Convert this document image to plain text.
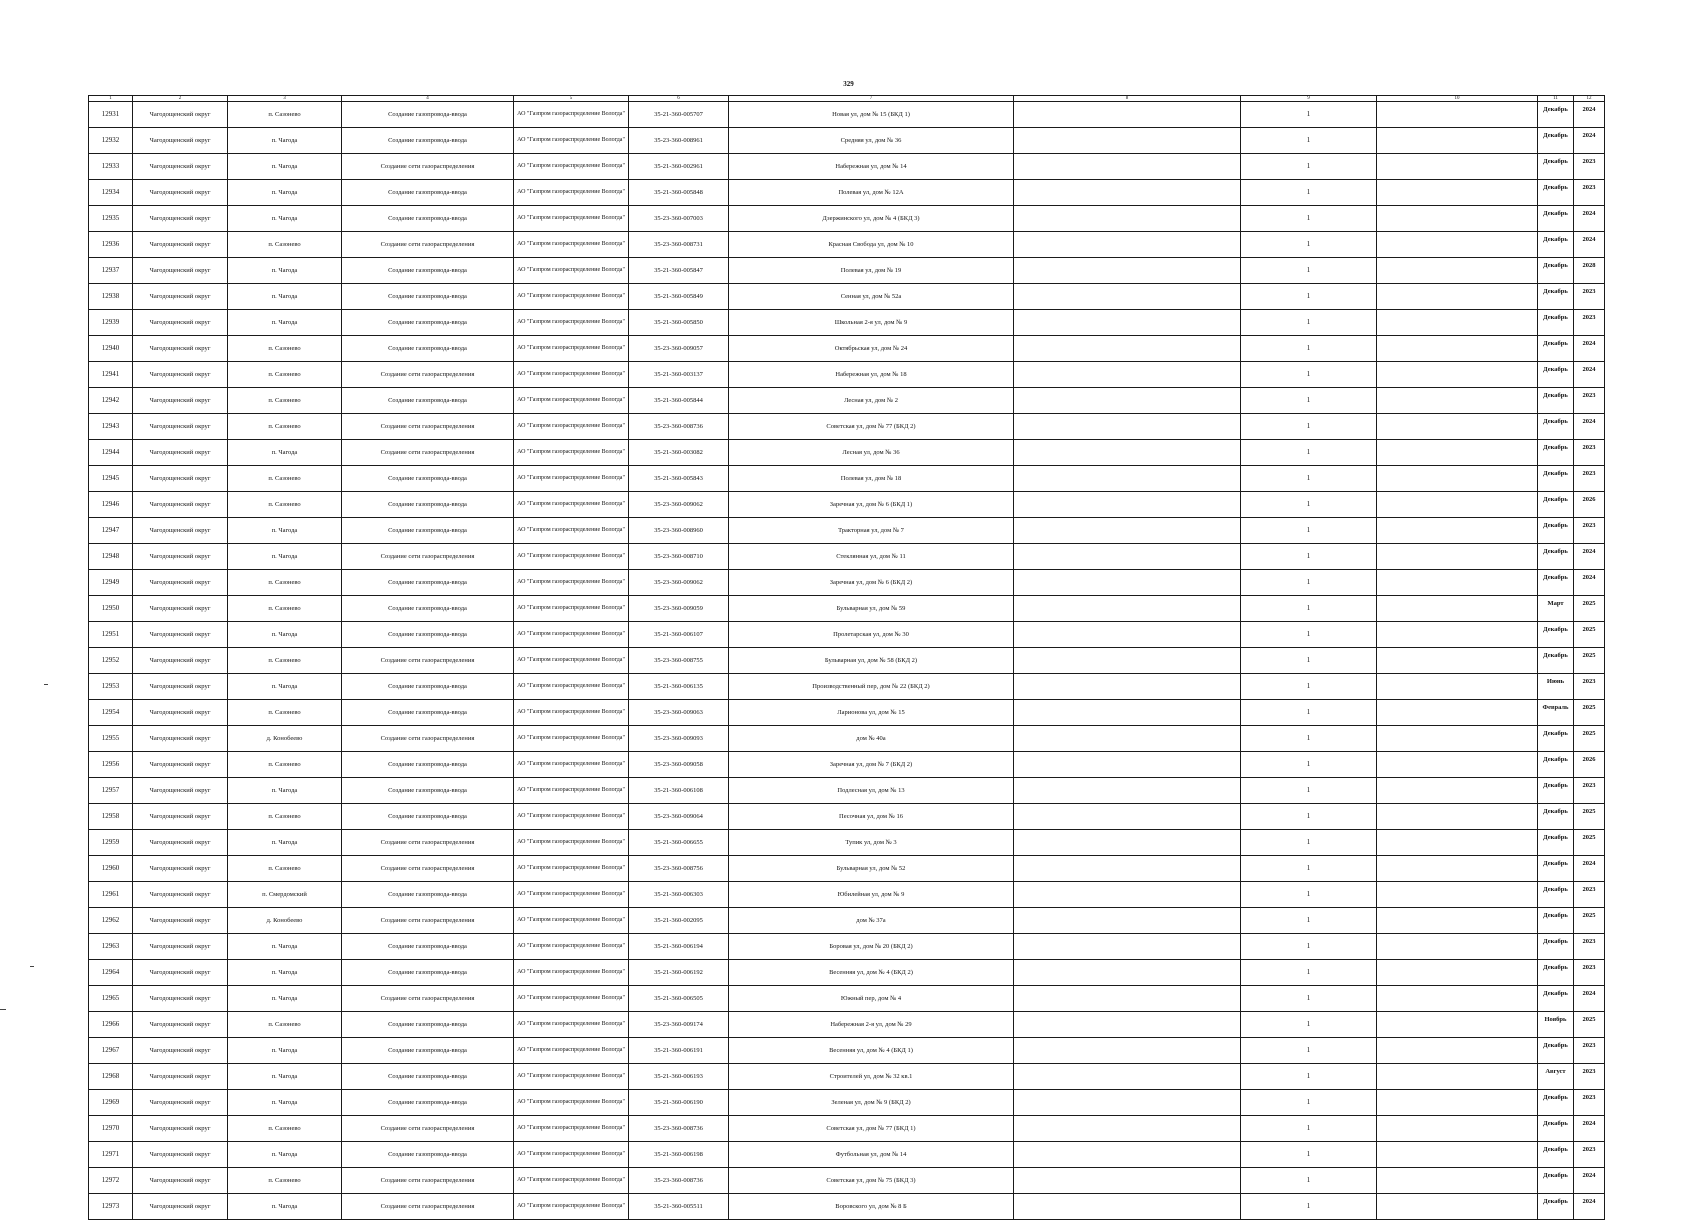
329
1	2	3	4	5	6	7	8	9	10	11	12
12931	Чагодощенский округ	п. Сазонево	Создание газопровода-ввода	АО "Газпром газораспределение Вологда"	35-21-360-005707	Новая ул, дом № 15 (БКД 1)		1		Декабрь	2024
12932	Чагодощенский округ	п. Чагода	Создание газопровода-ввода	АО "Газпром газораспределение Вологда"	35-23-360-008961	Средняя ул, дом № 36		1		Декабрь	2024
12933	Чагодощенский округ	п. Чагода	Создание сети газораспределения	АО "Газпром газораспределение Вологда"	35-21-360-002961	Набережная ул, дом № 14		1		Декабрь	2023
12934	Чагодощенский округ	п. Чагода	Создание газопровода-ввода	АО "Газпром газораспределение Вологда"	35-21-360-005848	Полевая ул, дом № 12А		1		Декабрь	2023
12935	Чагодощенский округ	п. Чагода	Создание газопровода-ввода	АО "Газпром газораспределение Вологда"	35-23-360-007003	Дзержинского ул, дом № 4 (БКД 3)		1		Декабрь	2024
12936	Чагодощенский округ	п. Сазонево	Создание сети газораспределения	АО "Газпром газораспределение Вологда"	35-23-360-008731	Красная Свобода ул, дом № 10		1		Декабрь	2024
12937	Чагодощенский округ	п. Чагода	Создание газопровода-ввода	АО "Газпром газораспределение Вологда"	35-21-360-005847	Полевая ул, дом № 19		1		Декабрь	2028
12938	Чагодощенский округ	п. Чагода	Создание газопровода-ввода	АО "Газпром газораспределение Вологда"	35-21-360-005849	Сенная ул, дом № 52а		1		Декабрь	2023
12939	Чагодощенский округ	п. Чагода	Создание газопровода-ввода	АО "Газпром газораспределение Вологда"	35-21-360-005850	Школьная 2-я ул, дом № 9		1		Декабрь	2023
12940	Чагодощенский округ	п. Сазонево	Создание газопровода-ввода	АО "Газпром газораспределение Вологда"	35-23-360-009057	Октябрьская ул, дом № 24		1		Декабрь	2024
12941	Чагодощенский округ	п. Сазонево	Создание сети газораспределения	АО "Газпром газораспределение Вологда"	35-21-360-003137	Набережная ул, дом № 18		1		Декабрь	2024
12942	Чагодощенский округ	п. Сазонево	Создание газопровода-ввода	АО "Газпром газораспределение Вологда"	35-21-360-005844	Лесная ул, дом № 2		1		Декабрь	2023
12943	Чагодощенский округ	п. Сазонево	Создание сети газораспределения	АО "Газпром газораспределение Вологда"	35-23-360-008736	Советская ул, дом № 77 (БКД 2)		1		Декабрь	2024
12944	Чагодощенский округ	п. Чагода	Создание сети газораспределения	АО "Газпром газораспределение Вологда"	35-21-360-003082	Лесная ул, дом № 36		1		Декабрь	2023
12945	Чагодощенский округ	п. Сазонево	Создание газопровода-ввода	АО "Газпром газораспределение Вологда"	35-21-360-005843	Полевая ул, дом № 18		1		Декабрь	2023
12946	Чагодощенский округ	п. Сазонево	Создание газопровода-ввода	АО "Газпром газораспределение Вологда"	35-23-360-009062	Заречная ул, дом № 6 (БКД 1)		1		Декабрь	2026
12947	Чагодощенский округ	п. Чагода	Создание газопровода-ввода	АО "Газпром газораспределение Вологда"	35-23-360-008960	Тракторная ул, дом № 7		1		Декабрь	2023
12948	Чагодощенский округ	п. Чагода	Создание сети газораспределения	АО "Газпром газораспределение Вологда"	35-23-360-008710	Стеклянная ул, дом № 11		1		Декабрь	2024
12949	Чагодощенский округ	п. Сазонево	Создание газопровода-ввода	АО "Газпром газораспределение Вологда"	35-23-360-009062	Заречная ул, дом № 6 (БКД 2)		1		Декабрь	2024
12950	Чагодощенский округ	п. Сазонево	Создание газопровода-ввода	АО "Газпром газораспределение Вологда"	35-23-360-009059	Бульварная ул, дом № 59		1		Март	2025
12951	Чагодощенский округ	п. Чагода	Создание газопровода-ввода	АО "Газпром газораспределение Вологда"	35-21-360-006107	Пролетарская ул, дом № 30		1		Декабрь	2025
12952	Чагодощенский округ	п. Сазонево	Создание сети газораспределения	АО "Газпром газораспределение Вологда"	35-23-360-008755	Бульварная ул, дом № 58 (БКД 2)		1		Декабрь	2025
12953	Чагодощенский округ	п. Чагода	Создание газопровода-ввода	АО "Газпром газораспределение Вологда"	35-21-360-006135	Производственный пер, дом № 22 (БКД 2)		1		Июнь	2023
12954	Чагодощенский округ	п. Сазонево	Создание газопровода-ввода	АО "Газпром газораспределение Вологда"	35-23-360-009063	Ларионова ул, дом № 15		1		Февраль	2025
12955	Чагодощенский округ	д. Конобеево	Создание сети газораспределения	АО "Газпром газораспределение Вологда"	35-23-360-009093	дом № 40а		1		Декабрь	2025
12956	Чагодощенский округ	п. Сазонево	Создание газопровода-ввода	АО "Газпром газораспределение Вологда"	35-23-360-009058	Заречная ул, дом № 7 (БКД 2)		1		Декабрь	2026
12957	Чагодощенский округ	п. Чагода	Создание газопровода-ввода	АО "Газпром газораспределение Вологда"	35-21-360-006108	Подлесная ул, дом № 13		1		Декабрь	2023
12958	Чагодощенский округ	п. Сазонево	Создание газопровода-ввода	АО "Газпром газораспределение Вологда"	35-23-360-009064	Песочная ул, дом № 16		1		Декабрь	2025
12959	Чагодощенский округ	п. Чагода	Создание сети газораспределения	АО "Газпром газораспределение Вологда"	35-21-360-006655	Тупик ул, дом № 3		1		Декабрь	2025
12960	Чагодощенский округ	п. Сазонево	Создание сети газораспределения	АО "Газпром газораспределение Вологда"	35-23-360-008756	Бульварная ул, дом № 52		1		Декабрь	2024
12961	Чагодощенский округ	п. Смердомский	Создание газопровода-ввода	АО "Газпром газораспределение Вологда"	35-21-360-006303	Юбилейная ул, дом № 9		1		Декабрь	2023
12962	Чагодощенский округ	д. Конобеево	Создание сети газораспределения	АО "Газпром газораспределение Вологда"	35-21-360-002095	дом № 37а		1		Декабрь	2025
12963	Чагодощенский округ	п. Чагода	Создание газопровода-ввода	АО "Газпром газораспределение Вологда"	35-21-360-006194	Боровая ул, дом № 20 (БКД 2)		1		Декабрь	2023
12964	Чагодощенский округ	п. Чагода	Создание газопровода-ввода	АО "Газпром газораспределение Вологда"	35-21-360-006192	Весенняя ул, дом № 4 (БКД 2)		1		Декабрь	2023
12965	Чагодощенский округ	п. Чагода	Создание сети газораспределения	АО "Газпром газораспределение Вологда"	35-21-360-006505	Южный пер, дом № 4		1		Декабрь	2024
12966	Чагодощенский округ	п. Сазонево	Создание газопровода-ввода	АО "Газпром газораспределение Вологда"	35-23-360-009174	Набережная 2-я ул, дом № 29		1		Ноябрь	2025
12967	Чагодощенский округ	п. Чагода	Создание газопровода-ввода	АО "Газпром газораспределение Вологда"	35-21-360-006191	Весенняя ул, дом № 4 (БКД 1)		1		Декабрь	2023
12968	Чагодощенский округ	п. Чагода	Создание газопровода-ввода	АО "Газпром газораспределение Вологда"	35-21-360-006193	Строителей ул, дом № 32 кв.1		1		Август	2023
12969	Чагодощенский округ	п. Чагода	Создание газопровода-ввода	АО "Газпром газораспределение Вологда"	35-21-360-006190	Зеленая ул, дом № 9 (БКД 2)		1		Декабрь	2023
12970	Чагодощенский округ	п. Сазонево	Создание сети газораспределения	АО "Газпром газораспределение Вологда"	35-23-360-008736	Советская ул, дом № 77 (БКД 1)		1		Декабрь	2024
12971	Чагодощенский округ	п. Чагода	Создание газопровода-ввода	АО "Газпром газораспределение Вологда"	35-21-360-006198	Футбольная ул, дом № 14		1		Декабрь	2023
12972	Чагодощенский округ	п. Сазонево	Создание сети газораспределения	АО "Газпром газораспределение Вологда"	35-23-360-008736	Советская ул, дом № 75 (БКД 3)		1		Декабрь	2024
12973	Чагодощенский округ	п. Чагода	Создание сети газораспределения	АО "Газпром газораспределение Вологда"	35-21-360-005511	Воровского ул, дом № 8 Б		1		Декабрь	2024
